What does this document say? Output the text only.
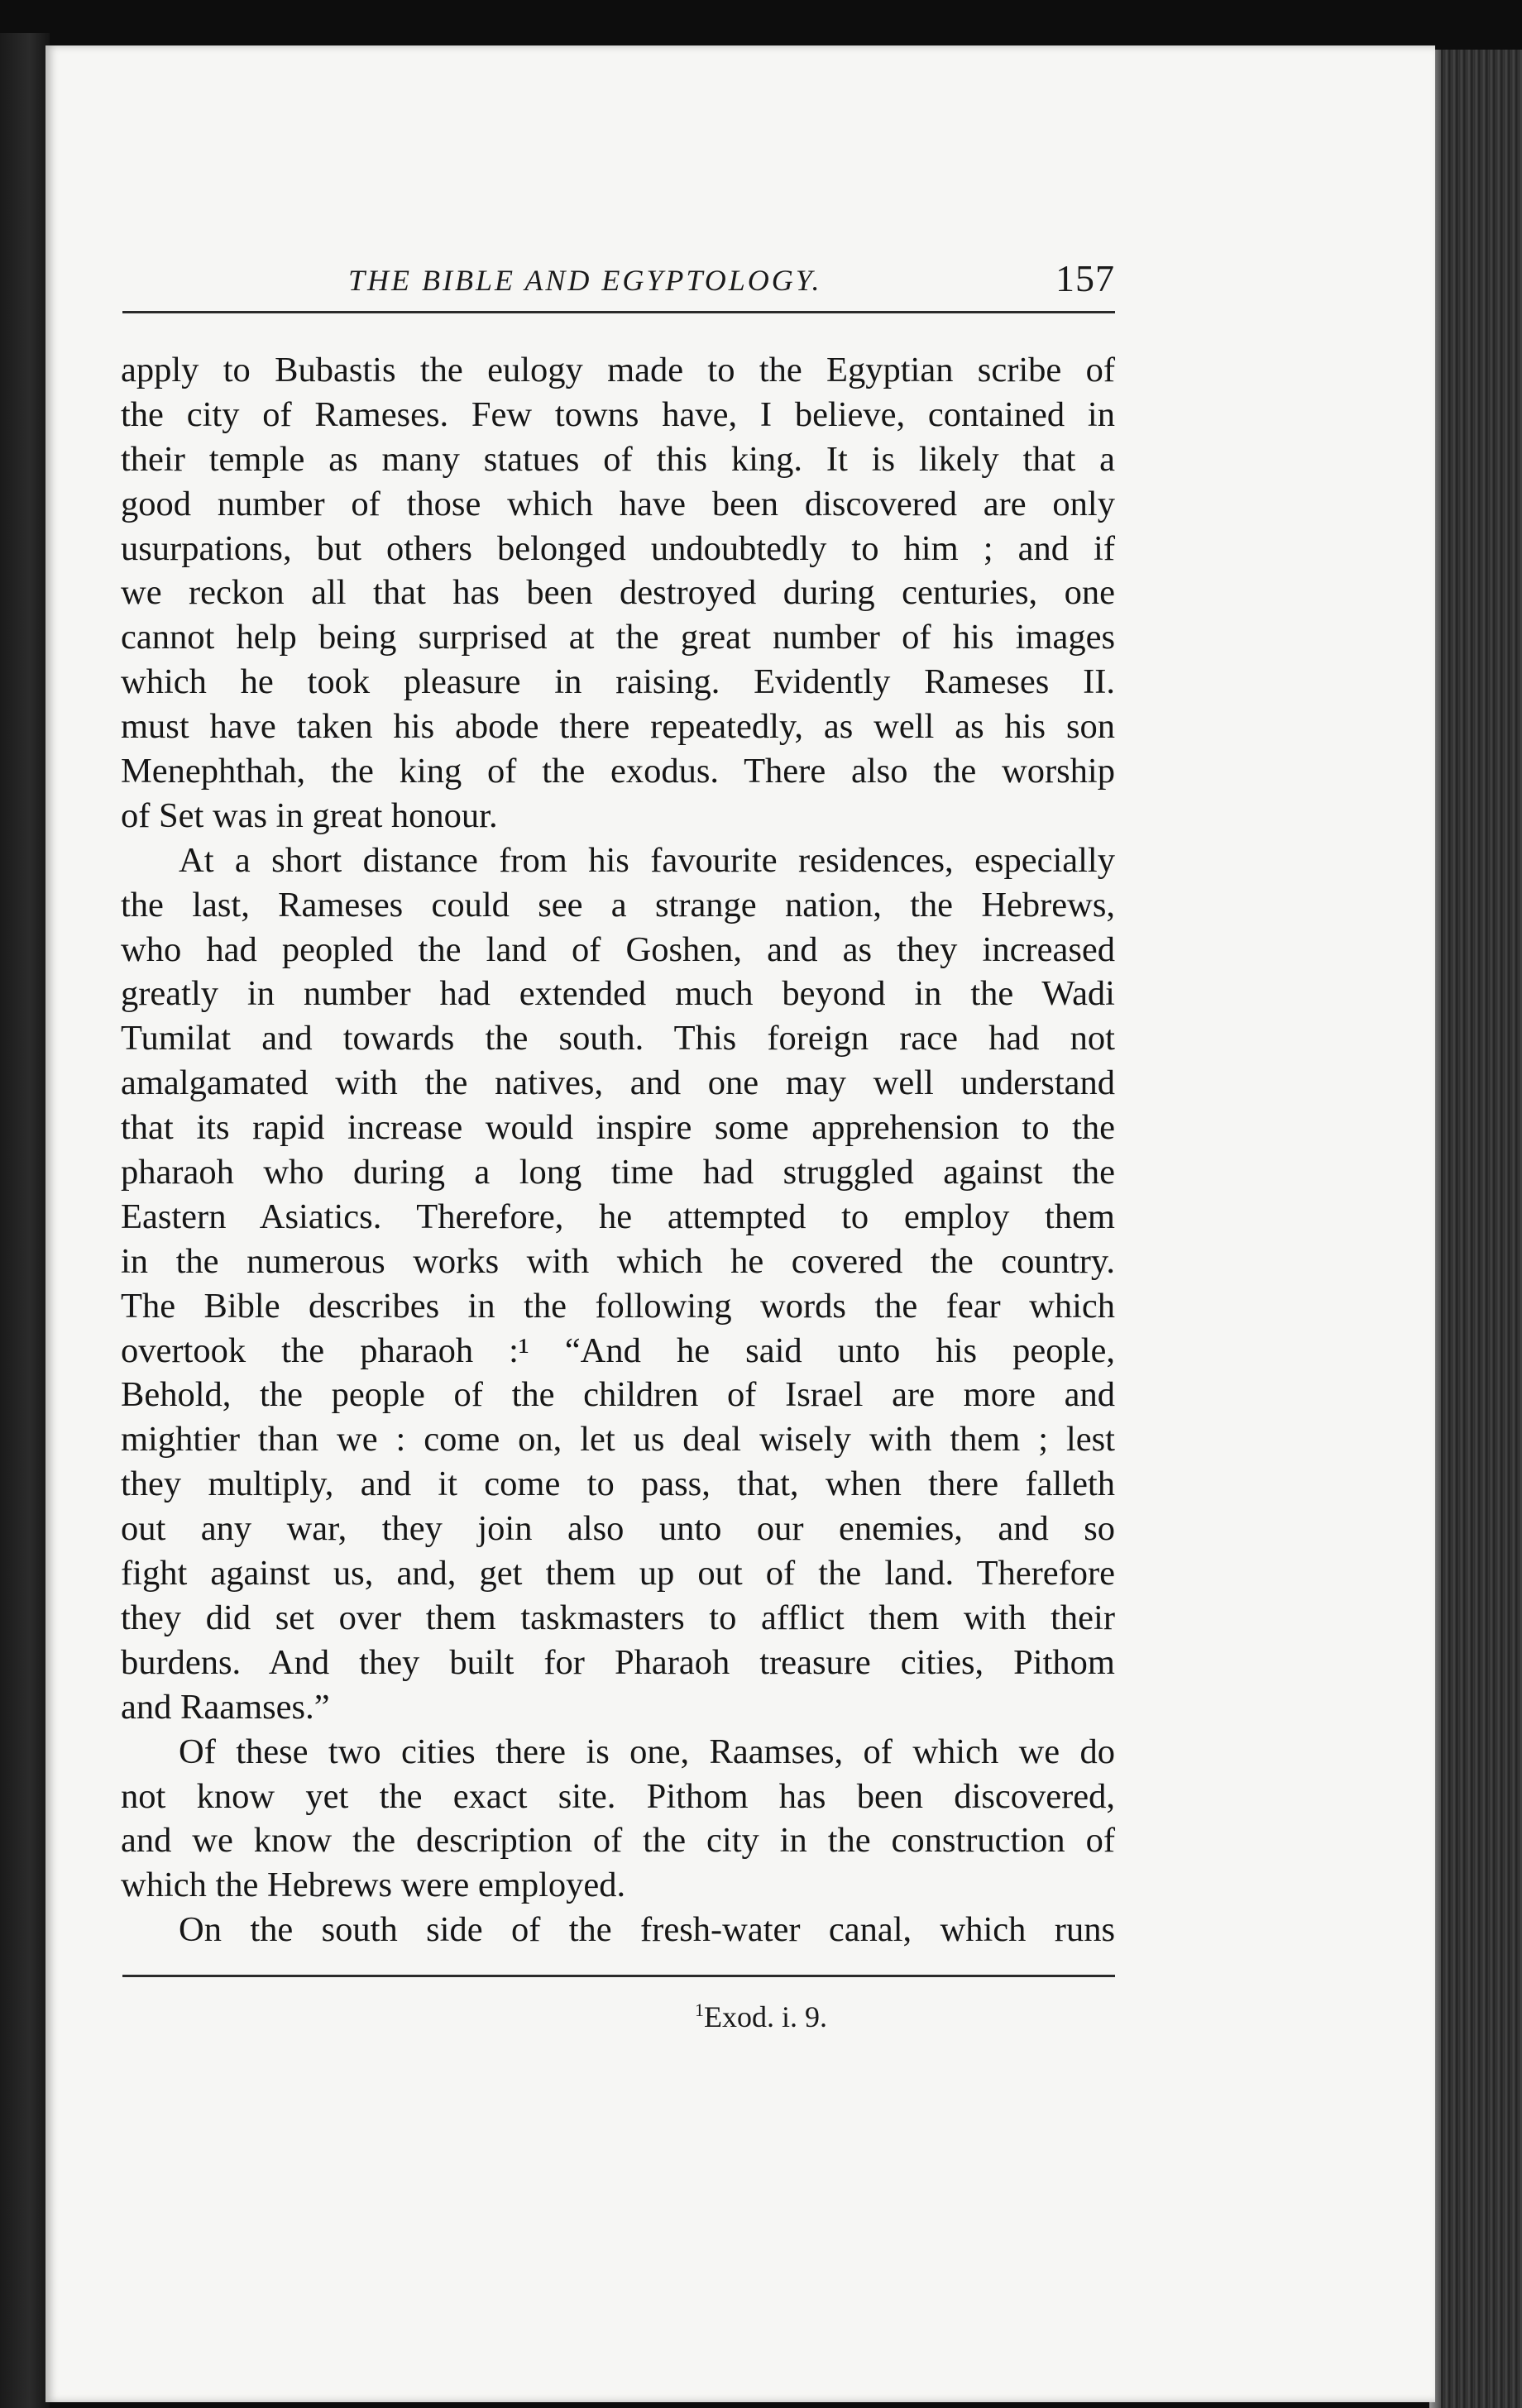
THE BIBLE AND EGYPTOLOGY.	157
apply to Bubastis the eulogy made to the Egyptian scribe of
the city of Rameses. Few towns have, I believe, contained in
their temple as many statues of this king. It is likely that a
good number of those which have been discovered are only
usurpations, but others belonged undoubtedly to him ; and if
we reckon all that has been destroyed during centuries, one
cannot help being surprised at the great number of his images
which he took pleasure in raising. Evidently Rameses II.
must have taken his abode there repeatedly, as well as his son
Menephthah, the king of the exodus. There also the worship
of Set was in great honour.
At a short distance from his favourite residences, especially
the last, Rameses could see a strange nation, the Hebrews,
who had peopled the land of Goshen, and as they increased
greatly in number had extended much beyond in the Wadi
Tumilat and towards the south. This foreign race had not
amalgamated with the natives, and one may well understand
that its rapid increase would inspire some apprehension to the
pharaoh who during a long time had struggled against the
Eastern Asiatics. Therefore, he attempted to employ them
in the numerous works with which he covered the country.
The Bible describes in the following words the fear which
overtook the pharaoh :¹ “And he said unto his people,
Behold, the people of the children of Israel are more and
mightier than we : come on, let us deal wisely with them ; lest
they multiply, and it come to pass, that, when there falleth
out any war, they join also unto our enemies, and so
fight against us, and, get them up out of the land. Therefore
they did set over them taskmasters to afflict them with their
burdens. And they built for Pharaoh treasure cities, Pithom
and Raamses.”
Of these two cities there is one, Raamses, of which we do
not know yet the exact site. Pithom has been discovered,
and we know the description of the city in the construction of
which the Hebrews were employed.
On the south side of the fresh-water canal, which runs
$^1$Exod. i. 9.
